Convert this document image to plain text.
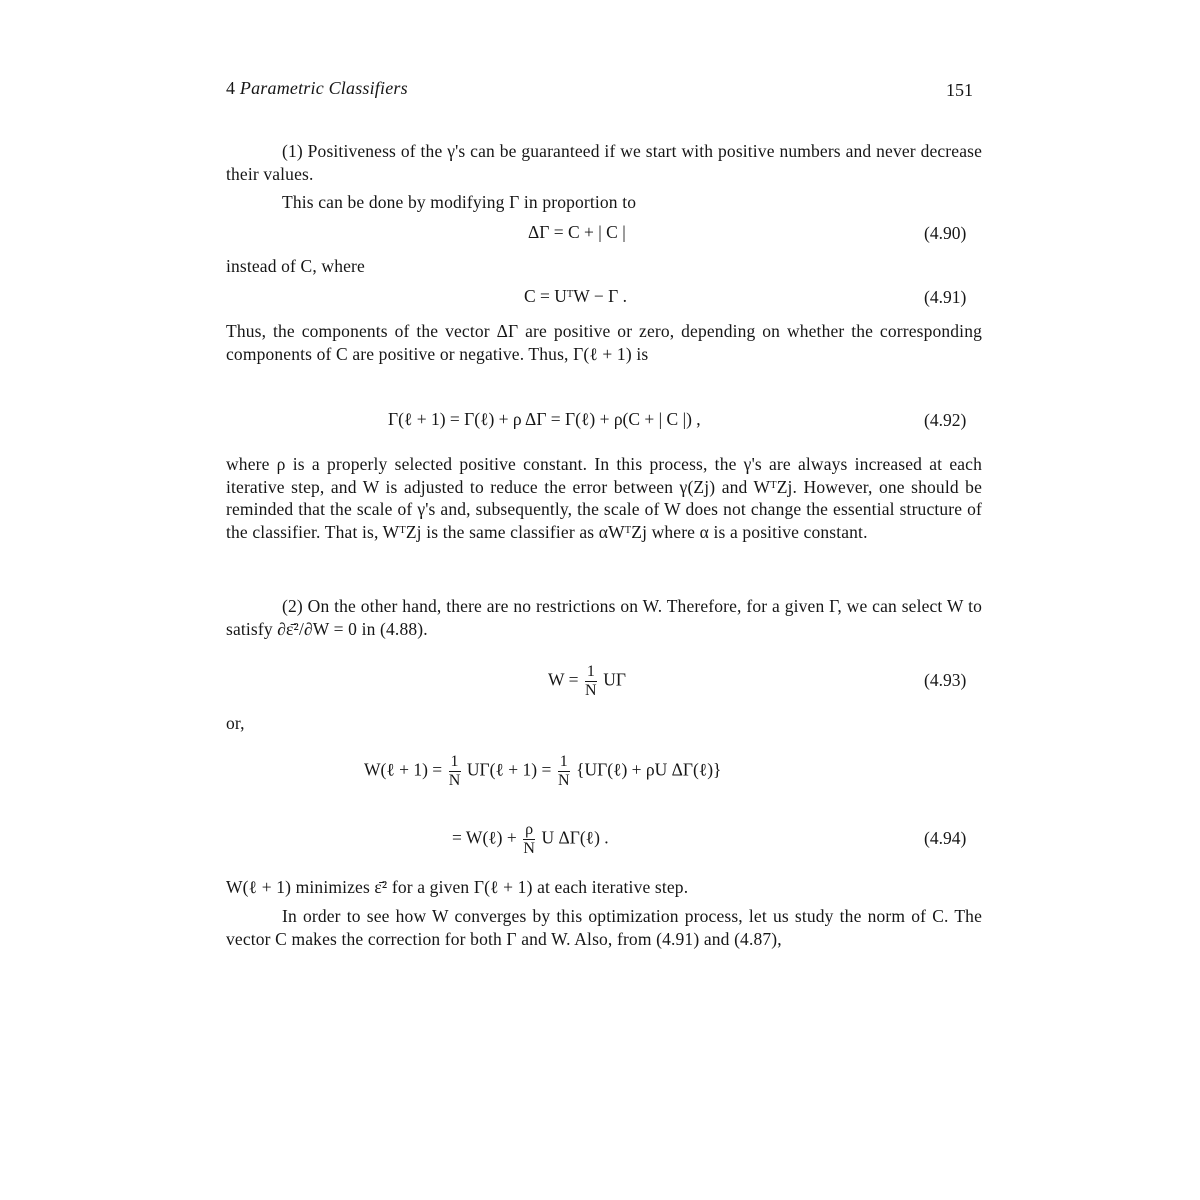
4 Parametric Classifiers	151
(1) Positiveness of the γ's can be guaranteed if we start with positive numbers and never decrease their values.
This can be done by modifying Γ in proportion to
ΔΓ = C + | C |	(4.90)
instead of C, where
C = UᵀW − Γ .	(4.91)
Thus, the components of the vector ΔΓ are positive or zero, depending on whether the corresponding components of C are positive or negative. Thus, Γ(ℓ + 1) is
Γ(ℓ + 1) = Γ(ℓ) + ρ ΔΓ = Γ(ℓ) + ρ(C + | C |) ,	(4.92)
where ρ is a properly selected positive constant. In this process, the γ's are always increased at each iterative step, and W is adjusted to reduce the error between γ(Zj) and WᵀZj. However, one should be reminded that the scale of γ's and, subsequently, the scale of W does not change the essential structure of the classifier. That is, WᵀZj is the same classifier as αWᵀZj where α is a positive constant.
(2) On the other hand, there are no restrictions on W. Therefore, for a given Γ, we can select W to satisfy ∂ε̄²/∂W = 0 in (4.88).
$W = \frac{1}{N}$ UΓ	(4.93)
or,
W(ℓ + $1) = \frac{1}{N}$ UΓ(ℓ + $1) = \frac{1}{N}$ {UΓ(ℓ) + ρU ΔΓ(ℓ)}
= W(ℓ) + $\frac{\rho}{N}$ U ΔΓ(ℓ) .	(4.94)
W(ℓ + 1) minimizes ε̄² for a given Γ(ℓ + 1) at each iterative step.
In order to see how W converges by this optimization process, let us study the norm of C. The vector C makes the correction for both Γ and W. Also, from (4.91) and (4.87),
